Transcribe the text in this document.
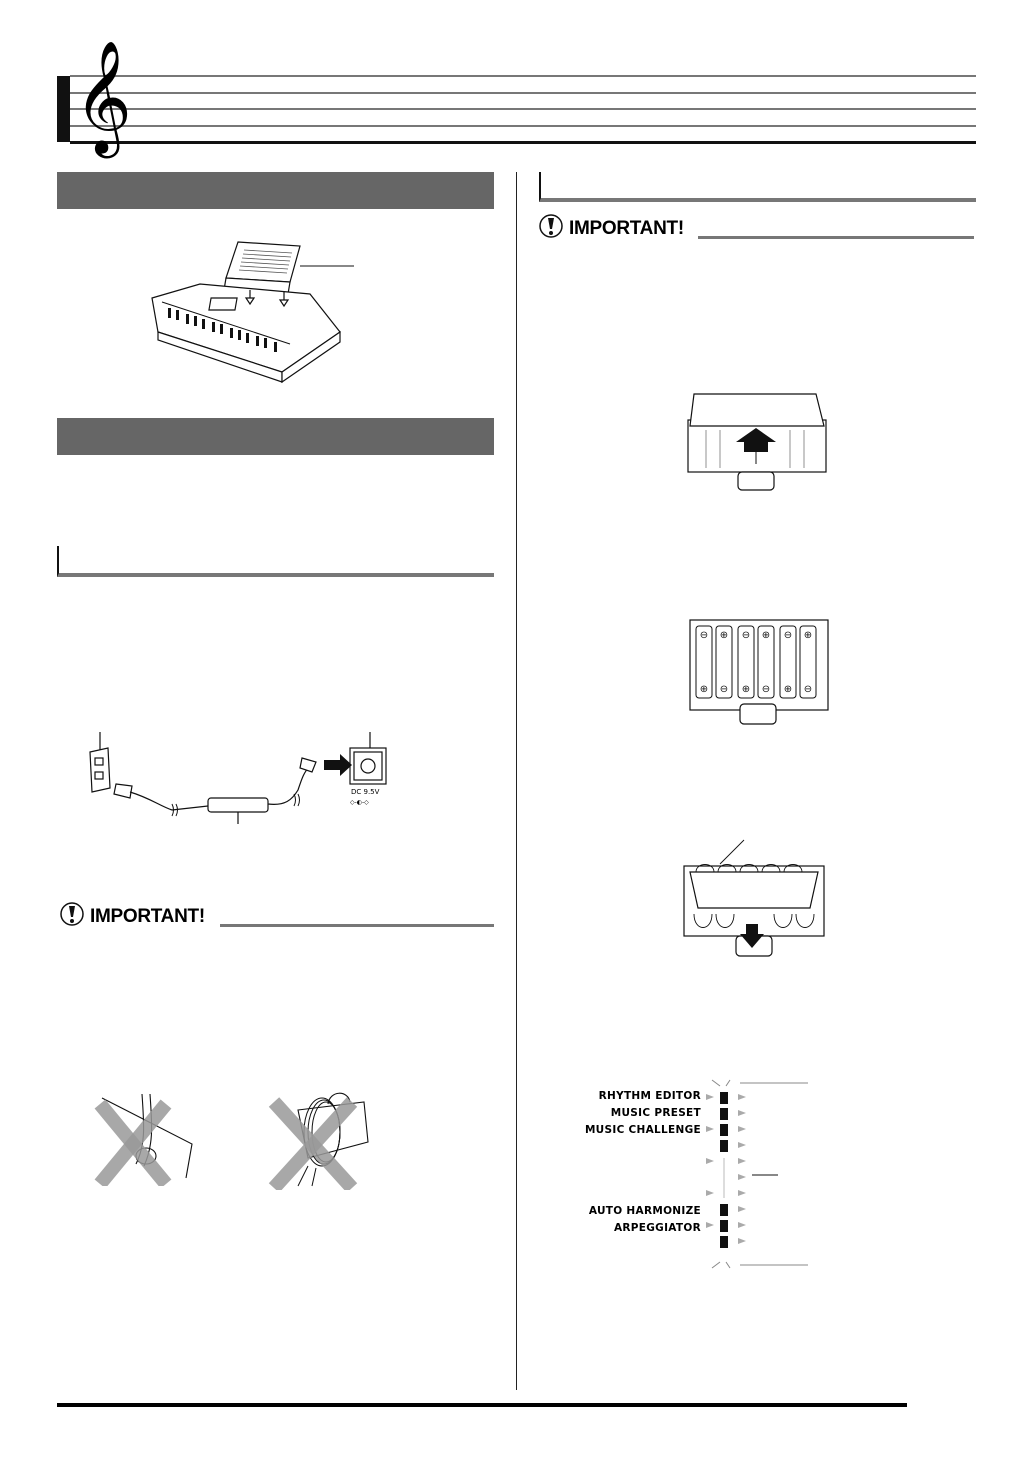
𝄞
DC 9.5V
◇-◐-◇
IMPORTANT!
IMPORTANT!
⊖
⊕
⊕
⊖
⊖
⊕
⊕
⊖
⊖
⊕
⊕
⊖
RHYTHM EDITOR
MUSIC PRESET
MUSIC CHALLENGE
AUTO HARMONIZE
ARPEGGIATOR
